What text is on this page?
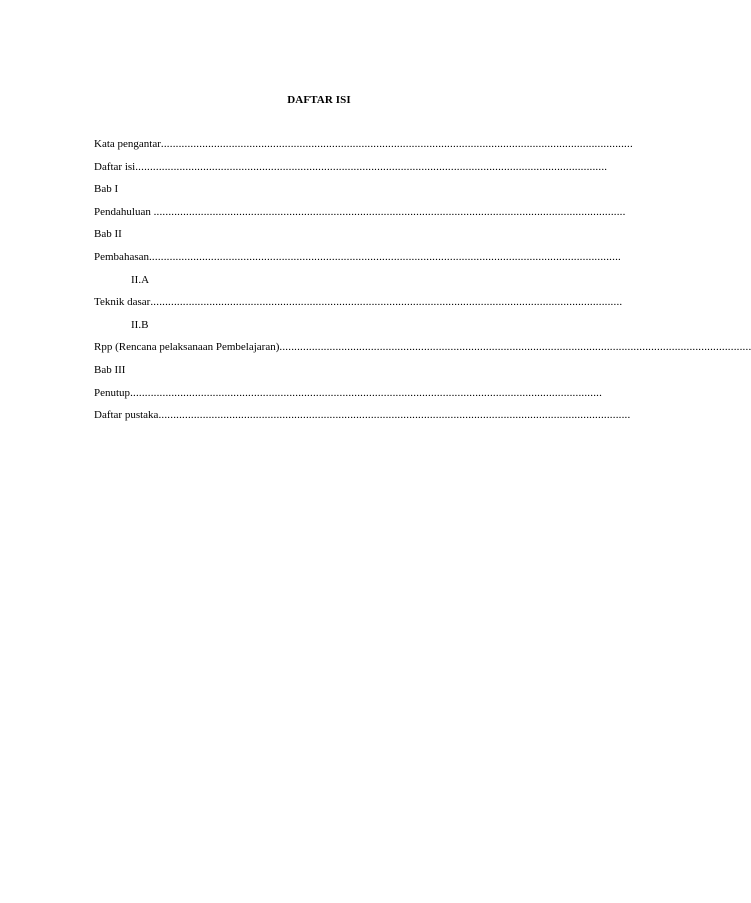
DAFTAR ISI
Kata pengantar................................................................................................................................................................
Daftar isi................................................................................................................................................................
Bab I
Pendahuluan ................................................................................................................................................................
Bab II
Pembahasan................................................................................................................................................................
II.A
Teknik dasar................................................................................................................................................................
II.B
Rpp (Rencana pelaksanaan Pembelajaran)................................................................................................................................................................
Bab III
Penutup................................................................................................................................................................
Daftar pustaka................................................................................................................................................................
